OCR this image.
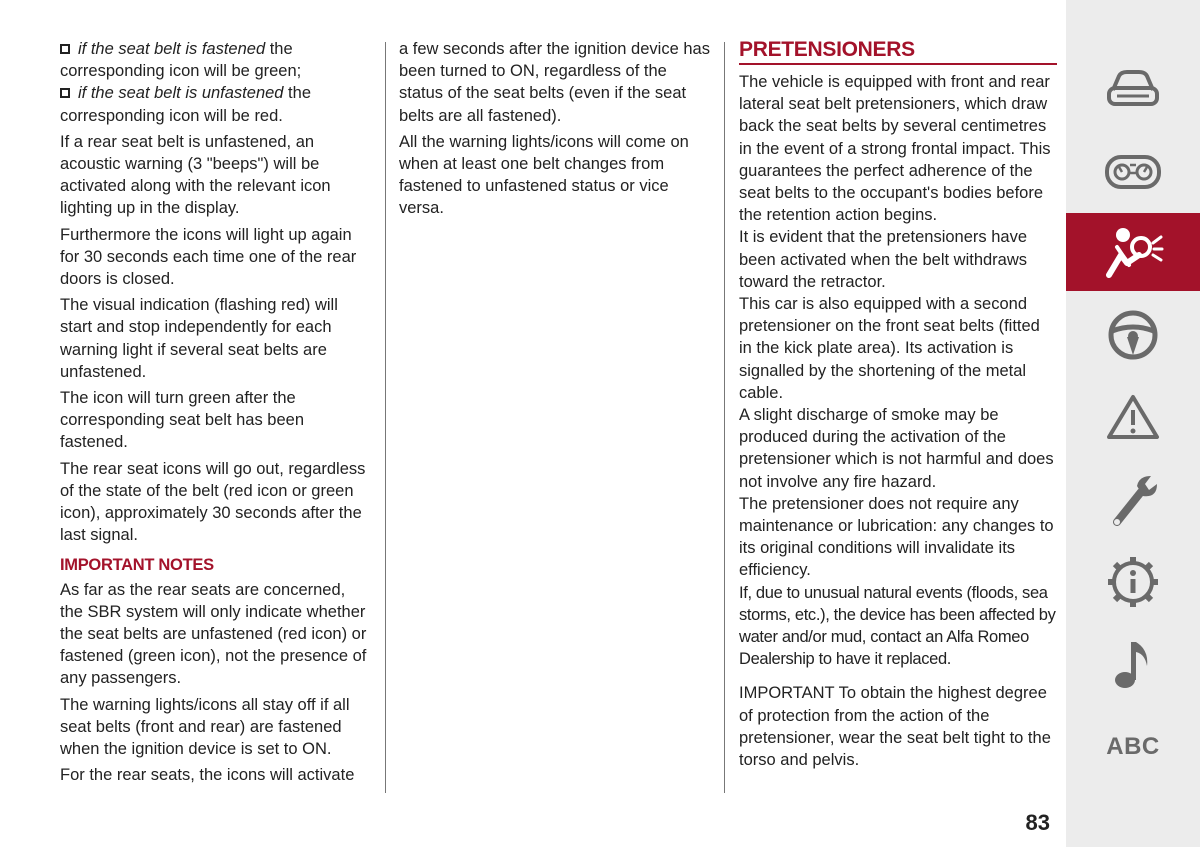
if the seat belt is fastened the corresponding icon will be green;

if the seat belt is unfastened the corresponding icon will be red.

If a rear seat belt is unfastened, an acoustic warning (3 "beeps") will be activated along with the relevant icon lighting up in the display.

Furthermore the icons will light up again for 30 seconds each time one of the rear doors is closed.

The visual indication (flashing red) will start and stop independently for each warning light if several seat belts are unfastened.

The icon will turn green after the corresponding seat belt has been fastened.

The rear seat icons will go out, regardless of the state of the belt (red icon or green icon), approximately 30 seconds after the last signal.

IMPORTANT NOTES

As far as the rear seats are concerned, the SBR system will only indicate whether the seat belts are unfastened (red icon) or fastened (green icon), not the presence of any passengers.

The warning lights/icons all stay off if all seat belts (front and rear) are fastened when the ignition device is set to ON.

For the rear seats, the icons will activate

a few seconds after the ignition device has been turned to ON, regardless of the status of the seat belts (even if the seat belts are all fastened).

All the warning lights/icons will come on when at least one belt changes from fastened to unfastened status or vice versa.

PRETENSIONERS

The vehicle is equipped with front and rear lateral seat belt pretensioners, which draw back the seat belts by several centimetres in the event of a strong frontal impact. This guarantees the perfect adherence of the seat belts to the occupant's bodies before the retention action begins.

It is evident that the pretensioners have been activated when the belt withdraws toward the retractor.

This car is also equipped with a second pretensioner on the front seat belts (fitted in the kick plate area). Its activation is signalled by the shortening of the metal cable.

A slight discharge of smoke may be produced during the activation of the pretensioner which is not harmful and does not involve any fire hazard.

The pretensioner does not require any maintenance or lubrication: any changes to its original conditions will invalidate its efficiency.

If, due to unusual natural events (floods, sea storms, etc.), the device has been affected by water and/or mud, contact an Alfa Romeo Dealership to have it replaced.

IMPORTANT To obtain the highest degree of protection from the action of the pretensioner, wear the seat belt tight to the torso and pelvis.

ABC
83
